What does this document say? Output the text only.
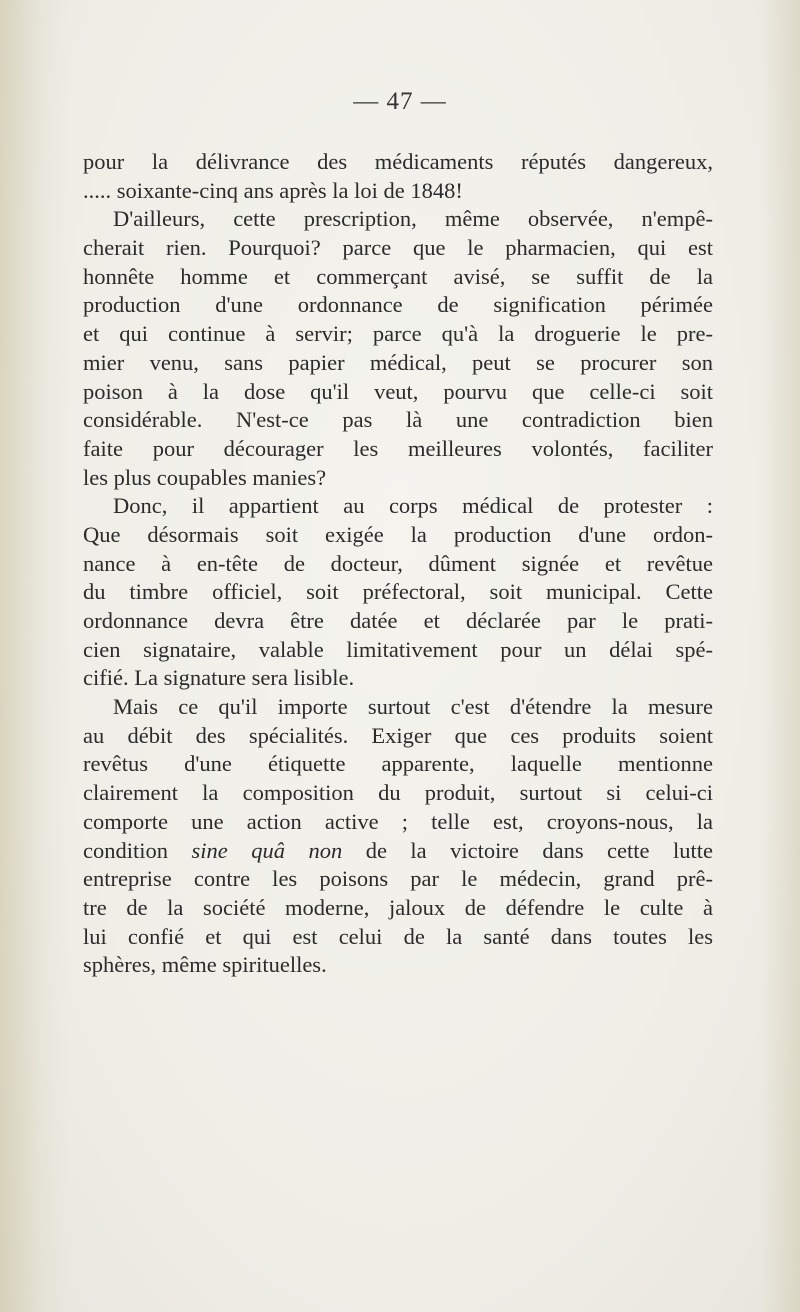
— 47 —
pour la délivrance des médicaments réputés dangereux,
..... soixante-cinq ans après la loi de 1848!
D'ailleurs, cette prescription, même observée, n'empê-
cherait rien. Pourquoi? parce que le pharmacien, qui est
honnête homme et commerçant avisé, se suffit de la
production d'une ordonnance de signification périmée
et qui continue à servir; parce qu'à la droguerie le pre-
mier venu, sans papier médical, peut se procurer son
poison à la dose qu'il veut, pourvu que celle-ci soit
considérable. N'est-ce pas là une contradiction bien
faite pour décourager les meilleures volontés, faciliter
les plus coupables manies?
Donc, il appartient au corps médical de protester :
Que désormais soit exigée la production d'une ordon-
nance à en-tête de docteur, dûment signée et revêtue
du timbre officiel, soit préfectoral, soit municipal. Cette
ordonnance devra être datée et déclarée par le prati-
cien signataire, valable limitativement pour un délai spé-
cifié. La signature sera lisible.
Mais ce qu'il importe surtout c'est d'étendre la mesure
au débit des spécialités. Exiger que ces produits soient
revêtus d'une étiquette apparente, laquelle mentionne
clairement la composition du produit, surtout si celui-ci
comporte une action active ; telle est, croyons-nous, la
condition sine quâ non de la victoire dans cette lutte
entreprise contre les poisons par le médecin, grand prê-
tre de la société moderne, jaloux de défendre le culte à
lui confié et qui est celui de la santé dans toutes les
sphères, même spirituelles.
